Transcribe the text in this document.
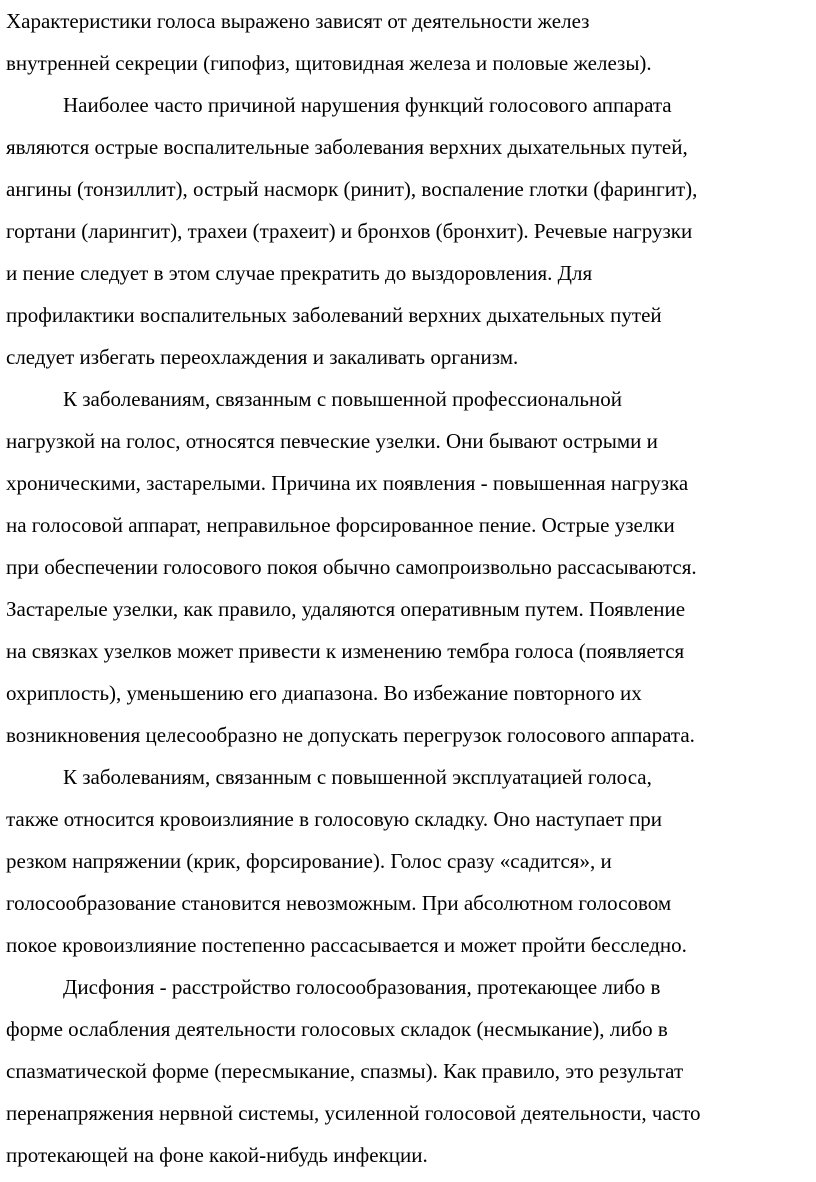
Характеристики голоса выражено зависят от деятельности желез
внутренней секреции (гипофиз, щитовидная железа и половые железы).

Наиболее часто причиной нарушения функций голосового аппарата
являются острые воспалительные заболевания верхних дыхательных путей,
ангины (тонзиллит), острый насморк (ринит), воспаление глотки (фарингит),
гортани (ларингит), трахеи (трахеит) и бронхов (бронхит). Речевые нагрузки
и пение следует в этом случае прекратить до выздоровления. Для
профилактики воспалительных заболеваний верхних дыхательных путей
следует избегать переохлаждения и закаливать организм.

К заболеваниям, связанным с повышенной профессиональной
нагрузкой на голос, относятся певческие узелки. Они бывают острыми и
хроническими, застарелыми. Причина их появления - повышенная нагрузка
на голосовой аппарат, неправильное форсированное пение. Острые узелки
при обеспечении голосового покоя обычно самопроизвольно рассасываются.
Застарелые узелки, как правило, удаляются оперативным путем. Появление
на связках узелков может привести к изменению тембра голоса (появляется
охриплость), уменьшению его диапазона. Во избежание повторного их
возникновения целесообразно не допускать перегрузок голосового аппарата.

К заболеваниям, связанным с повышенной эксплуатацией голоса,
также относится кровоизлияние в голосовую складку. Оно наступает при
резком напряжении (крик, форсирование). Голос сразу «садится», и
голосообразование становится невозможным. При абсолютном голосовом
покое кровоизлияние постепенно рассасывается и может пройти бесследно.

Дисфония - расстройство голосообразования, протекающее либо в
форме ослабления деятельности голосовых складок (несмыкание), либо в
спазматической форме (пересмыкание, спазмы). Как правило, это результат
перенапряжения нервной системы, усиленной голосовой деятельности, часто
протекающей на фоне какой-нибудь инфекции.
